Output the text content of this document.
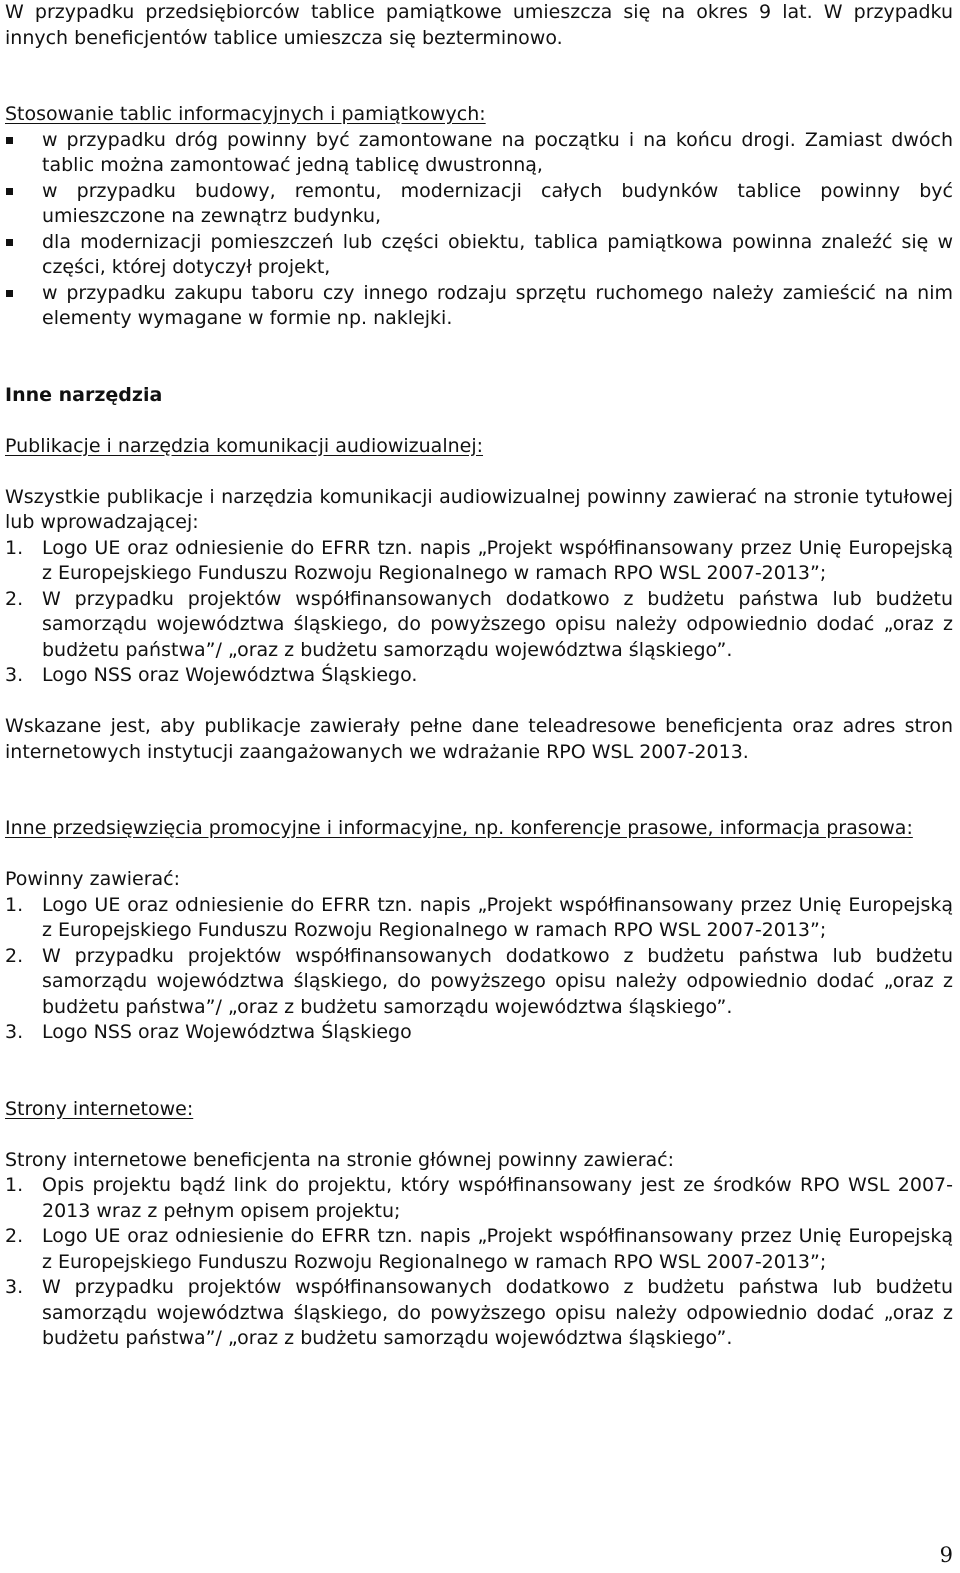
W przypadku przedsiębiorców tablice pamiątkowe umieszcza się na okres 9 lat. W przypadku innych beneficjentów tablice umieszcza się bezterminowo.

Stosowanie tablic informacyjnych i pamiątkowych:

w przypadku dróg powinny być zamontowane na początku i na końcu drogi. Zamiast dwóch tablic można zamontować jedną tablicę dwustronną,
w przypadku budowy, remontu, modernizacji całych budynków tablice powinny być umieszczone na zewnątrz budynku,
dla modernizacji pomieszczeń lub części obiektu, tablica pamiątkowa powinna znaleźć się w części, której dotyczył projekt,
w przypadku zakupu taboru czy innego rodzaju sprzętu ruchomego należy zamieścić na nim elementy wymagane w formie np. naklejki.

Inne narzędzia

Publikacje i narzędzia komunikacji audiowizualnej:

Wszystkie publikacje i narzędzia komunikacji audiowizualnej powinny zawierać na stronie tytułowej lub wprowadzającej:

1. Logo UE oraz odniesienie do EFRR tzn. napis „Projekt współfinansowany przez Unię Europejską z Europejskiego Funduszu Rozwoju Regionalnego w ramach RPO WSL 2007-2013”;
2. W przypadku projektów współfinansowanych dodatkowo z budżetu państwa lub budżetu samorządu województwa śląskiego, do powyższego opisu należy odpowiednio dodać „oraz z budżetu państwa”/ „oraz z budżetu samorządu województwa śląskiego”.
3. Logo NSS oraz Województwa Śląskiego.

Wskazane jest, aby publikacje zawierały pełne dane teleadresowe beneficjenta oraz adres stron internetowych instytucji zaangażowanych we wdrażanie RPO WSL 2007-2013.

Inne przedsięwzięcia promocyjne i informacyjne, np. konferencje prasowe, informacja prasowa:

Powinny zawierać:

1. Logo UE oraz odniesienie do EFRR tzn. napis „Projekt współfinansowany przez Unię Europejską z Europejskiego Funduszu Rozwoju Regionalnego w ramach RPO WSL 2007-2013”;
2. W przypadku projektów współfinansowanych dodatkowo z budżetu państwa lub budżetu samorządu województwa śląskiego, do powyższego opisu należy odpowiednio dodać „oraz z budżetu państwa”/ „oraz z budżetu samorządu województwa śląskiego”.
3. Logo NSS oraz Województwa Śląskiego

Strony internetowe:

Strony internetowe beneficjenta na stronie głównej powinny zawierać:

1. Opis projektu bądź link do projektu, który współfinansowany jest ze środków RPO WSL 2007-2013 wraz z pełnym opisem projektu;
2. Logo UE oraz odniesienie do EFRR tzn. napis „Projekt współfinansowany przez Unię Europejską z Europejskiego Funduszu Rozwoju Regionalnego w ramach RPO WSL 2007-2013”;
3. W przypadku projektów współfinansowanych dodatkowo z budżetu państwa lub budżetu samorządu województwa śląskiego, do powyższego opisu należy odpowiednio dodać „oraz z budżetu państwa”/ „oraz z budżetu samorządu województwa śląskiego”.
9
